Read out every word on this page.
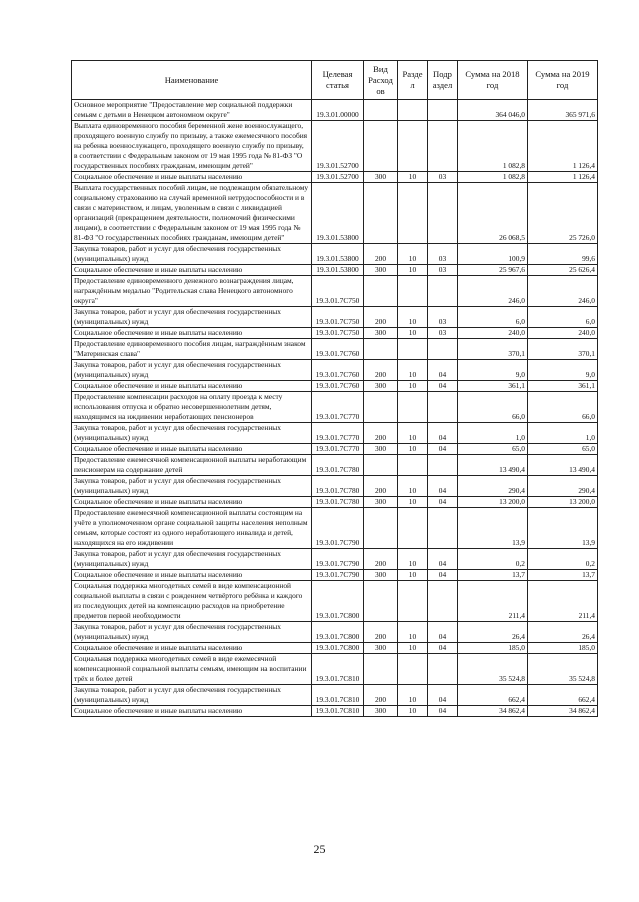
Наименование	Целевая статья	Вид Расход ов	Разде л	Подр аздел	Сумма на 2018 год	Сумма на 2019 год
Основное мероприятие "Предоставление мер социальной поддержки семьям с детьми в Ненецком автономном округе"	19.3.01.00000				364 046,0	365 971,6
Выплата единовременного пособия беременной жене военнослужащего, проходящего военную службу по призыву, а также ежемесячного пособия на ребенка военнослужащего, проходящего военную службу по призыву, в соответствии с Федеральным законом от 19 мая 1995 года № 81-ФЗ "О государственных пособиях гражданам, имеющим детей"	19.3.01.52700				1 082,8	1 126,4
Социальное обеспечение и иные выплаты населению	19.3.01.52700	300	10	03	1 082,8	1 126,4
Выплата государственных пособий лицам, не подлежащим обязательному социальному страхованию на случай временной нетрудоспособности и в связи с материнством, и лицам, уволенным в связи с ликвидацией организаций (прекращением деятельности, полномочий физическими лицами), в соответствии с Федеральным законом от 19 мая 1995 года № 81-ФЗ "О государственных пособиях гражданам, имеющим детей"	19.3.01.53800				26 068,5	25 726,0
Закупка товаров, работ и услуг для обеспечения государственных (муниципальных) нужд	19.3.01.53800	200	10	03	100,9	99,6
Социальное обеспечение и иные выплаты населению	19.3.01.53800	300	10	03	25 967,6	25 626,4
Предоставление единовременного денежного вознаграждения лицам, награждённым медалью "Родительская слава Ненецкого автономного округа"	19.3.01.7С750				246,0	246,0
Закупка товаров, работ и услуг для обеспечения государственных (муниципальных) нужд	19.3.01.7С750	200	10	03	6,0	6,0
Социальное обеспечение и иные выплаты населению	19.3.01.7С750	300	10	03	240,0	240,0
Предоставление единовременного пособия лицам, награждённым знаком "Материнская слава"	19.3.01.7С760				370,1	370,1
Закупка товаров, работ и услуг для обеспечения государственных (муниципальных) нужд	19.3.01.7С760	200	10	04	9,0	9,0
Социальное обеспечение и иные выплаты населению	19.3.01.7С760	300	10	04	361,1	361,1
Предоставление компенсации расходов на оплату проезда к месту использования отпуска и обратно несовершеннолетним детям, находящимся на иждивении неработающих пенсионеров	19.3.01.7С770				66,0	66,0
Закупка товаров, работ и услуг для обеспечения государственных (муниципальных) нужд	19.3.01.7С770	200	10	04	1,0	1,0
Социальное обеспечение и иные выплаты населению	19.3.01.7С770	300	10	04	65,0	65,0
Предоставление ежемесячной компенсационной выплаты неработающим пенсионерам на содержание детей	19.3.01.7С780				13 490,4	13 490,4
Закупка товаров, работ и услуг для обеспечения государственных (муниципальных) нужд	19.3.01.7С780	200	10	04	290,4	290,4
Социальное обеспечение и иные выплаты населению	19.3.01.7С780	300	10	04	13 200,0	13 200,0
Предоставление ежемесячной компенсационной выплаты состоящим на учёте в уполномоченном органе социальной защиты населения неполным семьям, которые состоят из одного неработающего инвалида и детей, находящихся на его иждивении	19.3.01.7С790				13,9	13,9
Закупка товаров, работ и услуг для обеспечения государственных (муниципальных) нужд	19.3.01.7С790	200	10	04	0,2	0,2
Социальное обеспечение и иные выплаты населению	19.3.01.7С790	300	10	04	13,7	13,7
Социальная поддержка многодетных семей в виде компенсационной социальной выплаты в связи с рождением четвёртого ребёнка и каждого из последующих детей на компенсацию расходов на приобретение предметов первой необходимости	19.3.01.7С800				211,4	211,4
Закупка товаров, работ и услуг для обеспечения государственных (муниципальных) нужд	19.3.01.7С800	200	10	04	26,4	26,4
Социальное обеспечение и иные выплаты населению	19.3.01.7С800	300	10	04	185,0	185,0
Социальная поддержка многодетных семей в виде ежемесячной компенсационной социальной выплаты семьям, имеющим на воспитании трёх и более детей	19.3.01.7С810				35 524,8	35 524,8
Закупка товаров, работ и услуг для обеспечения государственных (муниципальных) нужд	19.3.01.7С810	200	10	04	662,4	662,4
Социальное обеспечение и иные выплаты населению	19.3.01.7С810	300	10	04	34 862,4	34 862,4
25
